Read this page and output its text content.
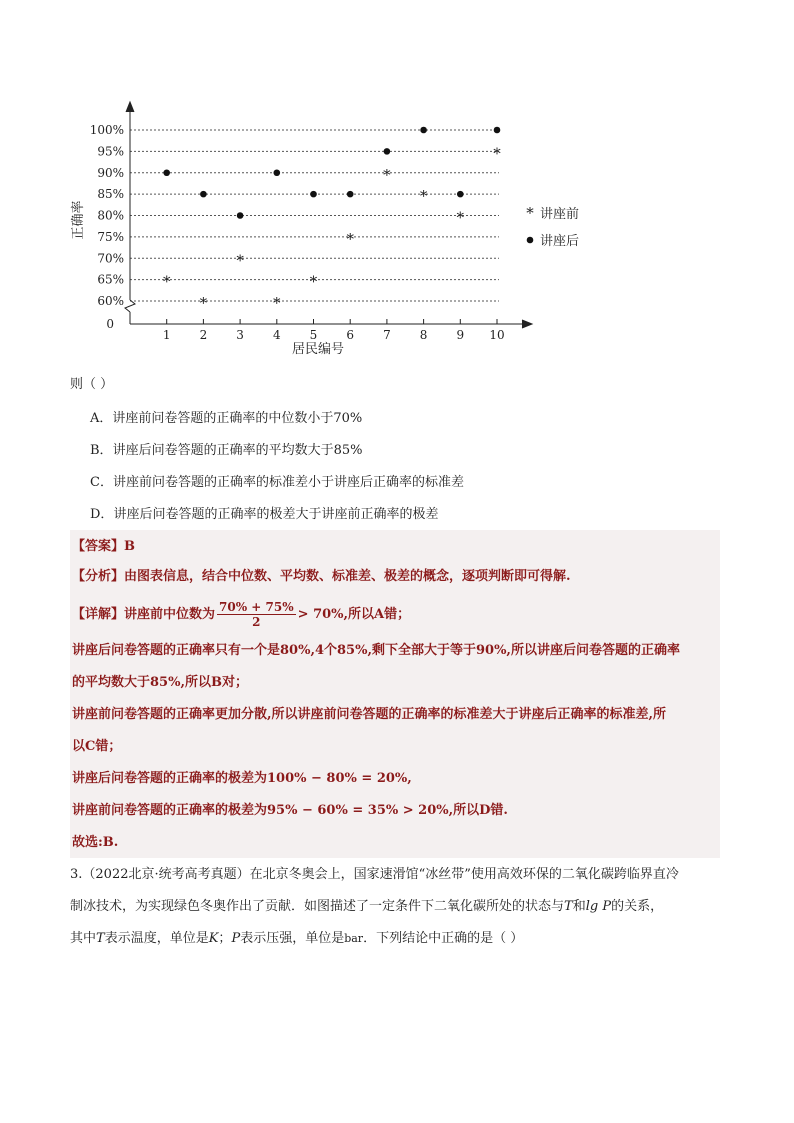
60%
65%
70%
75%
80%
85%
90%
95%
100%
0
1 2 3 4 5 6 7 8 9 10
*
*
*
*
*
*
*
*
*
*
* 讲座前
讲座后
居民编号
正确率
则（ ）
A．讲座前问卷答题的正确率的中位数小于70%
B．讲座后问卷答题的正确率的平均数大于85%
C．讲座前问卷答题的正确率的标准差小于讲座后正确率的标准差
D．讲座后问卷答题的正确率的极差大于讲座前正确率的极差
【答案】B
【分析】由图表信息，结合中位数、平均数、标准差、极差的概念，逐项判断即可得解.
【详解】讲座前中位数为 $\frac{70\% + 75\%}{2} > 70\%$,所以A错；
讲座后问卷答题的正确率只有一个是80%,4个85%,剩下全部大于等于90%,所以讲座后问卷答题的正确率
的平均数大于85%,所以B对；
讲座前问卷答题的正确率更加分散,所以讲座前问卷答题的正确率的标准差大于讲座后正确率的标准差,所
以C错；
讲座后问卷答题的正确率的极差为100% − 80% = 20%,
讲座前问卷答题的正确率的极差为95% − 60% = 35% > 20%,所以D错.
故选:B.
3.（2022北京·统考高考真题）在北京冬奥会上，国家速滑馆“冰丝带”使用高效环保的二氧化碳跨临界直冷
制冰技术，为实现绿色冬奥作出了贡献．如图描述了一定条件下二氧化碳所处的状态与T和lg P的关系，
其中T表示温度，单位是K；P表示压强，单位是bar．下列结论中正确的是（ ）
